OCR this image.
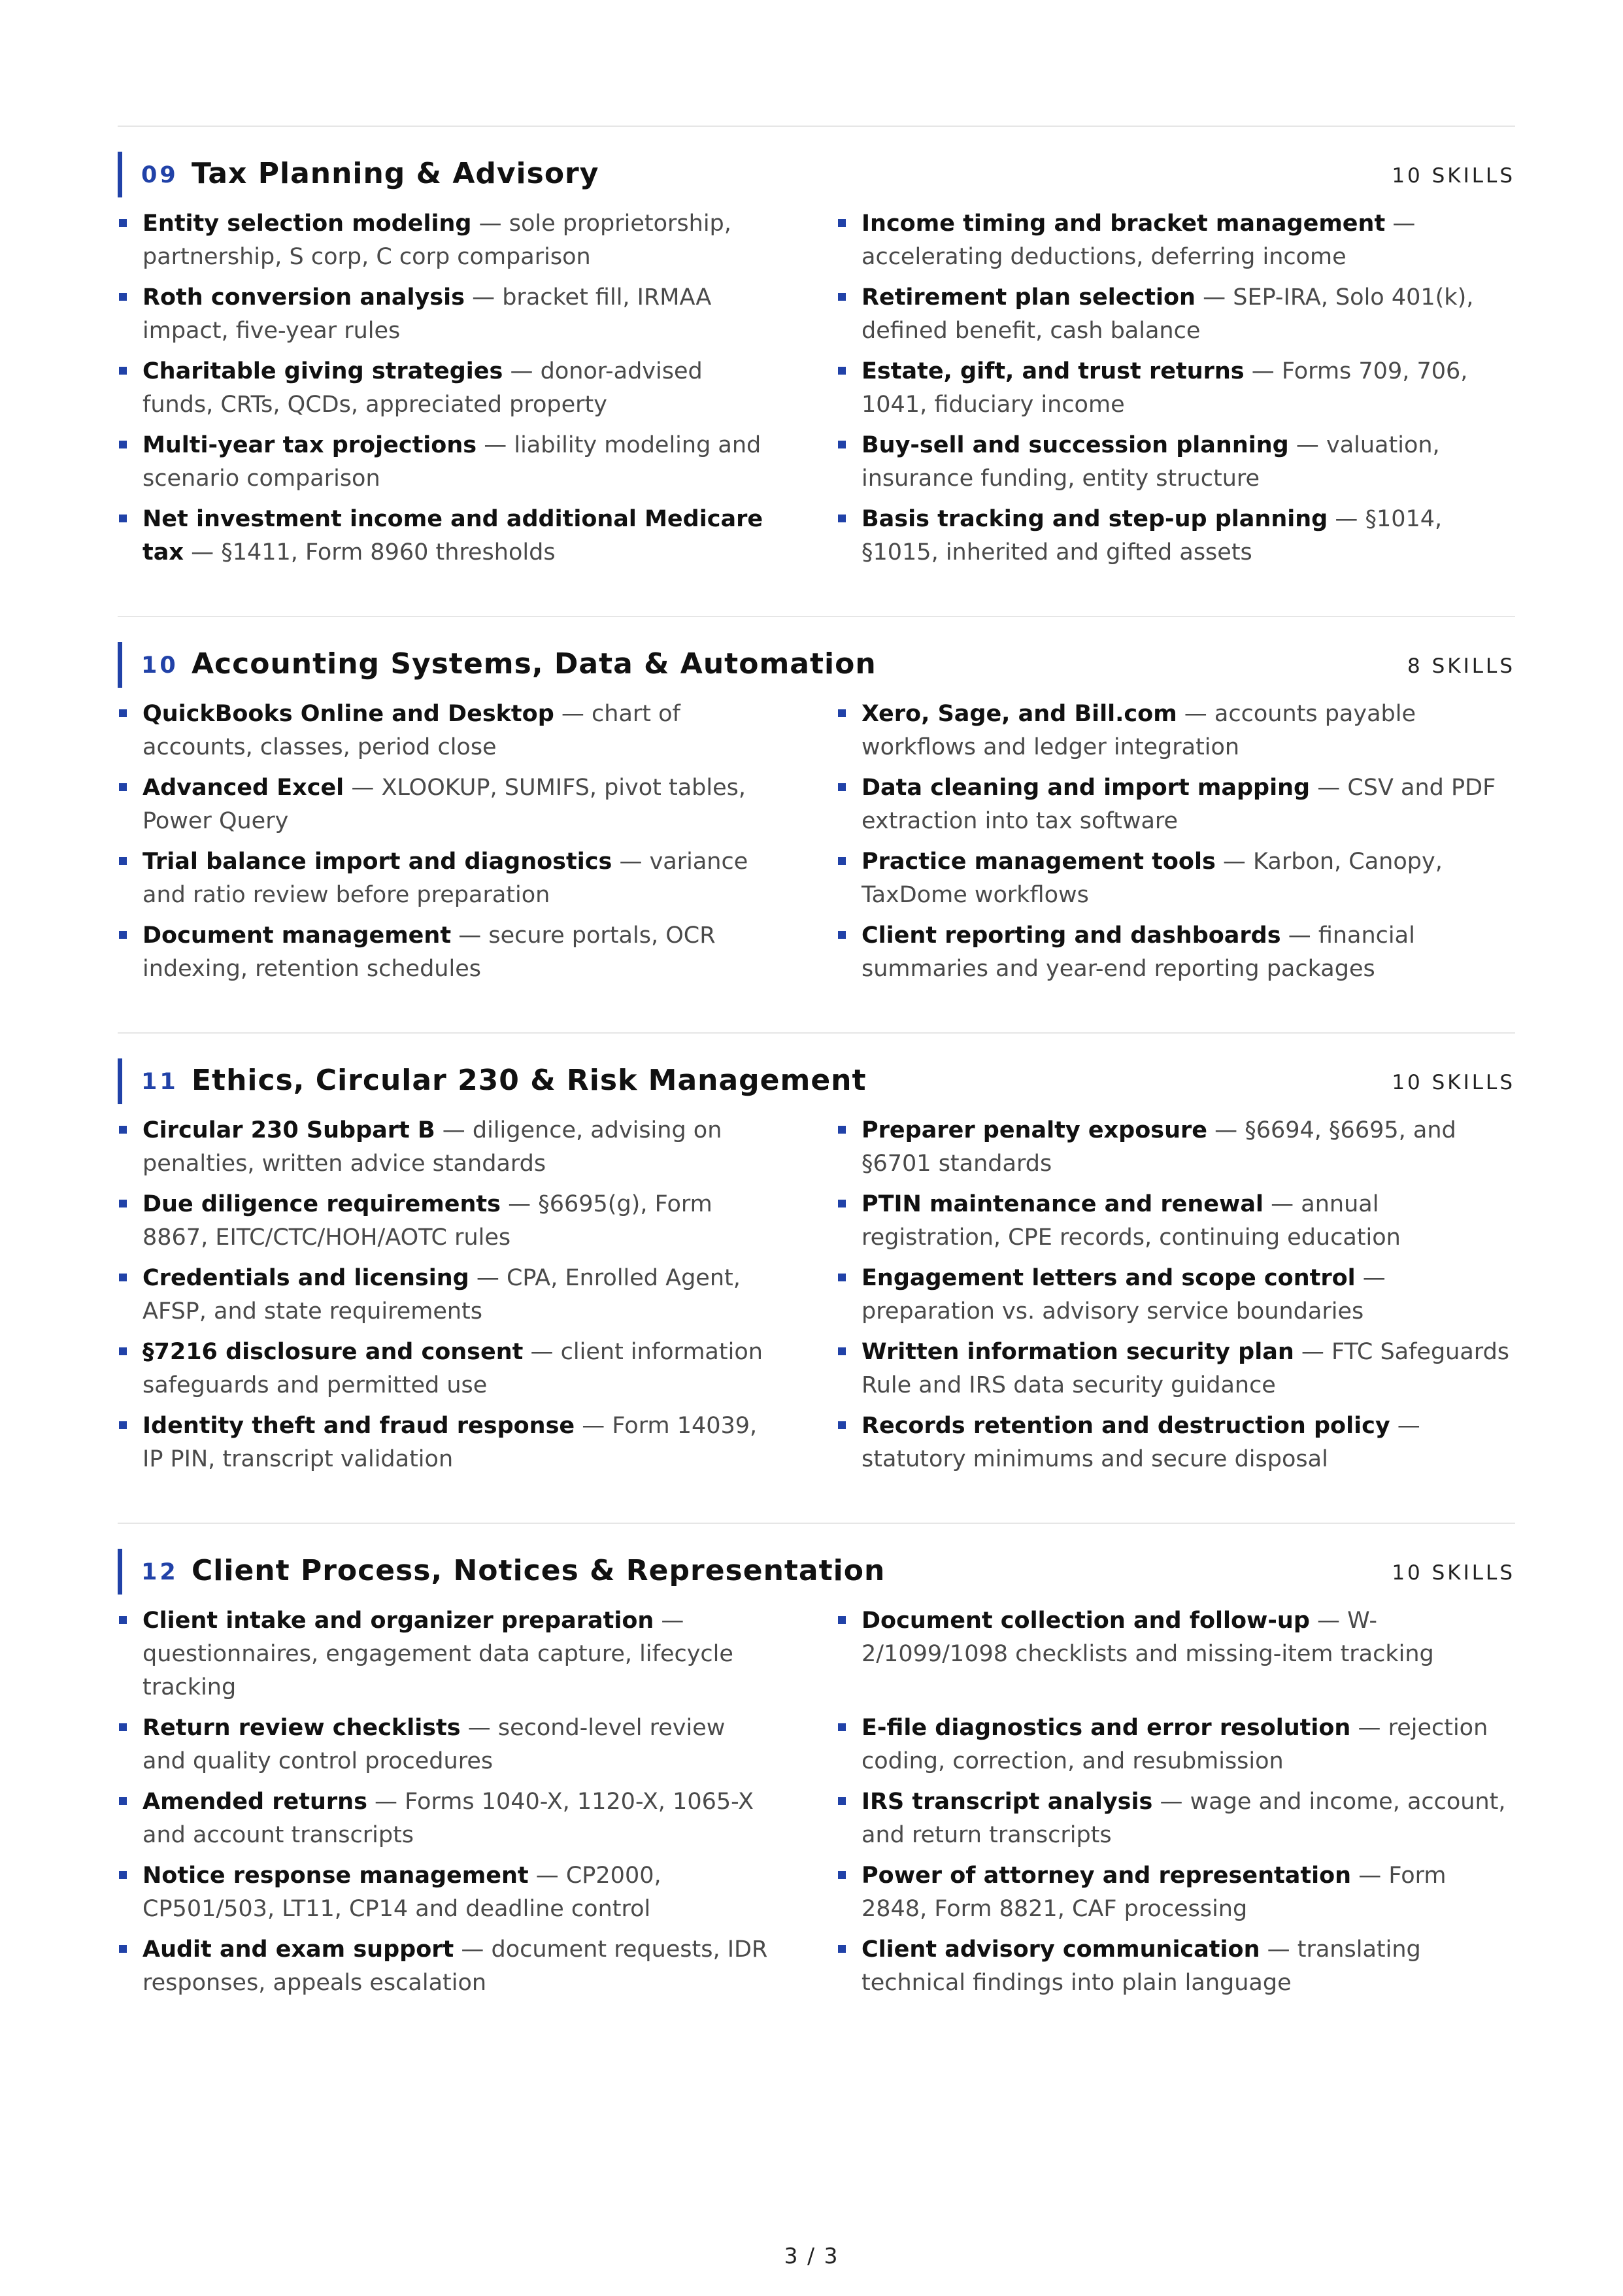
09 Tax Planning & Advisory	10 SKILLS
Entity selection modeling — sole proprietorship, partnership, S corp, C corp comparison
Roth conversion analysis — bracket fill, IRMAA impact, five-year rules
Charitable giving strategies — donor-advised funds, CRTs, QCDs, appreciated property
Multi-year tax projections — liability modeling and scenario comparison
Net investment income and additional Medicare tax — §1411, Form 8960 thresholds
Income timing and bracket management — accelerating deductions, deferring income
Retirement plan selection — SEP-IRA, Solo 401(k), defined benefit, cash balance
Estate, gift, and trust returns — Forms 709, 706, 1041, fiduciary income
Buy-sell and succession planning — valuation, insurance funding, entity structure
Basis tracking and step-up planning — §1014, §1015, inherited and gifted assets
10 Accounting Systems, Data & Automation	8 SKILLS
QuickBooks Online and Desktop — chart of accounts, classes, period close
Advanced Excel — XLOOKUP, SUMIFS, pivot tables, Power Query
Trial balance import and diagnostics — variance and ratio review before preparation
Document management — secure portals, OCR indexing, retention schedules
Xero, Sage, and Bill.com — accounts payable workflows and ledger integration
Data cleaning and import mapping — CSV and PDF extraction into tax software
Practice management tools — Karbon, Canopy, TaxDome workflows
Client reporting and dashboards — financial summaries and year-end reporting packages
11 Ethics, Circular 230 & Risk Management	10 SKILLS
Circular 230 Subpart B — diligence, advising on penalties, written advice standards
Due diligence requirements — §6695(g), Form 8867, EITC/CTC/HOH/AOTC rules
Credentials and licensing — CPA, Enrolled Agent, AFSP, and state requirements
§7216 disclosure and consent — client information safeguards and permitted use
Identity theft and fraud response — Form 14039, IP PIN, transcript validation
Preparer penalty exposure — §6694, §6695, and §6701 standards
PTIN maintenance and renewal — annual registration, CPE records, continuing education
Engagement letters and scope control — preparation vs. advisory service boundaries
Written information security plan — FTC Safeguards Rule and IRS data security guidance
Records retention and destruction policy — statutory minimums and secure disposal
12 Client Process, Notices & Representation	10 SKILLS
Client intake and organizer preparation — questionnaires, engagement data capture, lifecycle tracking
Return review checklists — second-level review and quality control procedures
Amended returns — Forms 1040-X, 1120-X, 1065-X and account transcripts
Notice response management — CP2000, CP501/503, LT11, CP14 and deadline control
Audit and exam support — document requests, IDR responses, appeals escalation
Document collection and follow-up — W-2/1099/1098 checklists and missing-item tracking
E-file diagnostics and error resolution — rejection coding, correction, and resubmission
IRS transcript analysis — wage and income, account, and return transcripts
Power of attorney and representation — Form 2848, Form 8821, CAF processing
Client advisory communication — translating technical findings into plain language
3 / 3
